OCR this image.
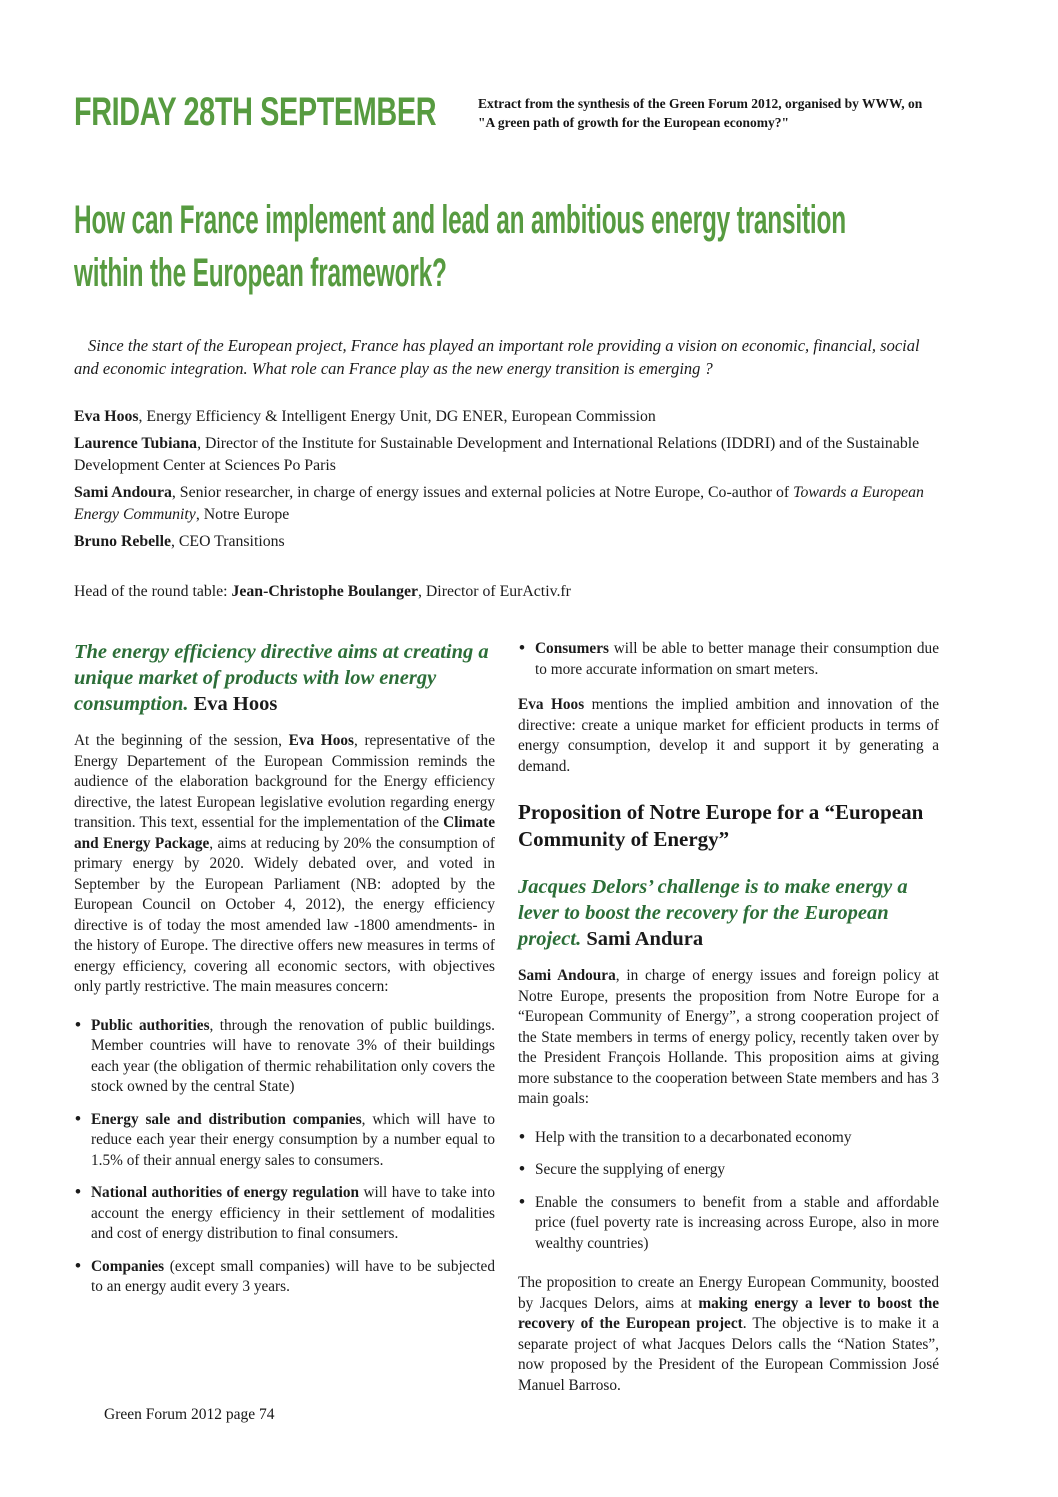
FRIDAY 28TH SEPTEMBER	Extract from the synthesis of the Green Forum 2012, organised by WWW, on "A green path of growth for the European economy?"
How can France implement and lead an ambitious energy transition
within the European framework?

Since the start of the European project, France has played an important role providing a vision on economic, financial, social and economic integration. What role can France play as the new energy transition is emerging ?

Eva Hoos, Energy Efficiency & Intelligent Energy Unit, DG ENER, European Commission

Laurence Tubiana, Director of the Institute for Sustainable Development and International Relations (IDDRI) and of the Sustainable Development Center at Sciences Po Paris

Sami Andoura, Senior researcher, in charge of energy issues and external policies at Notre Europe, Co-author of Towards a European Energy Community, Notre Europe

Bruno Rebelle, CEO Transitions

Head of the round table: Jean-Christophe Boulanger, Director of EurActiv.fr

The energy efficiency directive aims at creating a unique market of products with low energy consumption. Eva Hoos

At the beginning of the session, Eva Hoos, representative of the Energy Departement of the European Commission reminds the audience of the elaboration background for the Energy efficiency directive, the latest European legislative evolution regarding energy transition. This text, essential for the implementation of the Climate and Energy Package, aims at reducing by 20% the consumption of primary energy by 2020. Widely debated over, and voted in September by the European Parliament (NB: adopted by the European Council on October 4, 2012), the energy efficiency directive is of today the most amended law -1800 amendments- in the history of Europe. The directive offers new measures in terms of energy efficiency, covering all economic sectors, with objectives only partly restrictive. The main measures concern:

• Public authorities, through the renovation of public buildings. Member countries will have to renovate 3% of their buildings each year (the obligation of thermic rehabilitation only covers the stock owned by the central State)
• Energy sale and distribution companies, which will have to reduce each year their energy consumption by a number equal to 1.5% of their annual energy sales to consumers.
• National authorities of energy regulation will have to take into account the energy efficiency in their settlement of modalities and cost of energy distribution to final consumers.
• Companies (except small companies) will have to be subjected to an energy audit every 3 years.
• Consumers will be able to better manage their consumption due to more accurate information on smart meters.

Eva Hoos mentions the implied ambition and innovation of the directive: create a unique market for efficient products in terms of energy consumption, develop it and support it by generating a demand.

Proposition of Notre Europe for a “European Community of Energy”
Jacques Delors’ challenge is to make energy a lever to boost the recovery for the European project. Sami Andura

Sami Andoura, in charge of energy issues and foreign policy at Notre Europe, presents the proposition from Notre Europe for a “European Community of Energy”, a strong cooperation project of the State members in terms of energy policy, recently taken over by the President François Hollande. This proposition aims at giving more substance to the cooperation between State members and has 3 main goals:

• Help with the transition to a decarbonated economy
• Secure the supplying of energy
• Enable the consumers to benefit from a stable and affordable price (fuel poverty rate is increasing across Europe, also in more wealthy countries)

The proposition to create an Energy European Community, boosted by Jacques Delors, aims at making energy a lever to boost the recovery of the European project. The objective is to make it a separate project of what Jacques Delors calls the “Nation States”, now proposed by the President of the European Commission José Manuel Barroso.

Green Forum 2012 page 74
